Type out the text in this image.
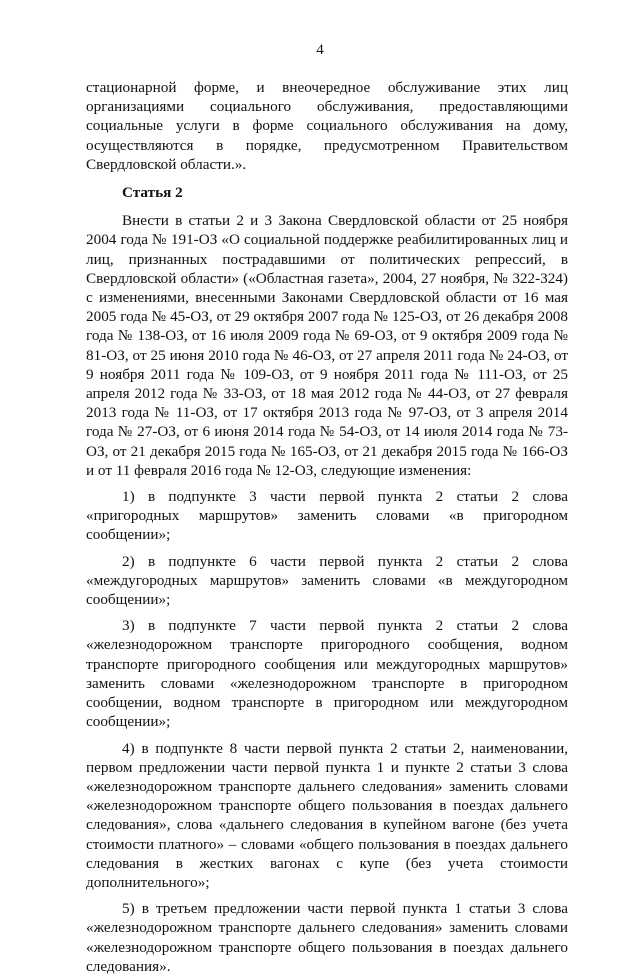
4

стационарной форме, и внеочередное обслуживание этих лиц организациями социального обслуживания, предоставляющими социальные услуги в форме социального обслуживания на дому, осуществляются в порядке, предусмотренном Правительством Свердловской области.».

Статья 2

Внести в статьи 2 и 3 Закона Свердловской области от 25 ноября 2004 года № 191-ОЗ «О социальной поддержке реабилитированных лиц и лиц, признанных пострадавшими от политических репрессий, в Свердловской области» («Областная газета», 2004, 27 ноября, № 322-324) с изменениями, внесенными Законами Свердловской области от 16 мая 2005 года № 45-ОЗ, от 29 октября 2007 года № 125-ОЗ, от 26 декабря 2008 года № 138-ОЗ, от 16 июля 2009 года № 69-ОЗ, от 9 октября 2009 года № 81-ОЗ, от 25 июня 2010 года № 46-ОЗ, от 27 апреля 2011 года № 24-ОЗ, от 9 ноября 2011 года № 109-ОЗ, от 9 ноября 2011 года № 111-ОЗ, от 25 апреля 2012 года № 33-ОЗ, от 18 мая 2012 года № 44-ОЗ, от 27 февраля 2013 года № 11-ОЗ, от 17 октября 2013 года № 97-ОЗ, от 3 апреля 2014 года № 27-ОЗ, от 6 июня 2014 года № 54-ОЗ, от 14 июля 2014 года № 73-ОЗ, от 21 декабря 2015 года № 165-ОЗ, от 21 декабря 2015 года № 166-ОЗ и от 11 февраля 2016 года № 12-ОЗ, следующие изменения:

1) в подпункте 3 части первой пункта 2 статьи 2 слова «пригородных маршрутов» заменить словами «в пригородном сообщении»;

2) в подпункте 6 части первой пункта 2 статьи 2 слова «междугородных маршрутов» заменить словами «в междугородном сообщении»;

3) в подпункте 7 части первой пункта 2 статьи 2 слова «железнодорожном транспорте пригородного сообщения, водном транспорте пригородного сообщения или междугородных маршрутов» заменить словами «железнодорожном транспорте в пригородном сообщении, водном транспорте в пригородном или междугородном сообщении»;

4) в подпункте 8 части первой пункта 2 статьи 2, наименовании, первом предложении части первой пункта 1 и пункте 2 статьи 3 слова «железнодорожном транспорте дальнего следования» заменить словами «железнодорожном транспорте общего пользования в поездах дальнего следования», слова «дальнего следования в купейном вагоне (без учета стоимости платного» – словами «общего пользования в поездах дальнего следования в жестких вагонах с купе (без учета стоимости дополнительного»;

5) в третьем предложении части первой пункта 1 статьи 3 слова «железнодорожном транспорте дальнего следования» заменить словами «железнодорожном транспорте общего пользования в поездах дальнего следования».
